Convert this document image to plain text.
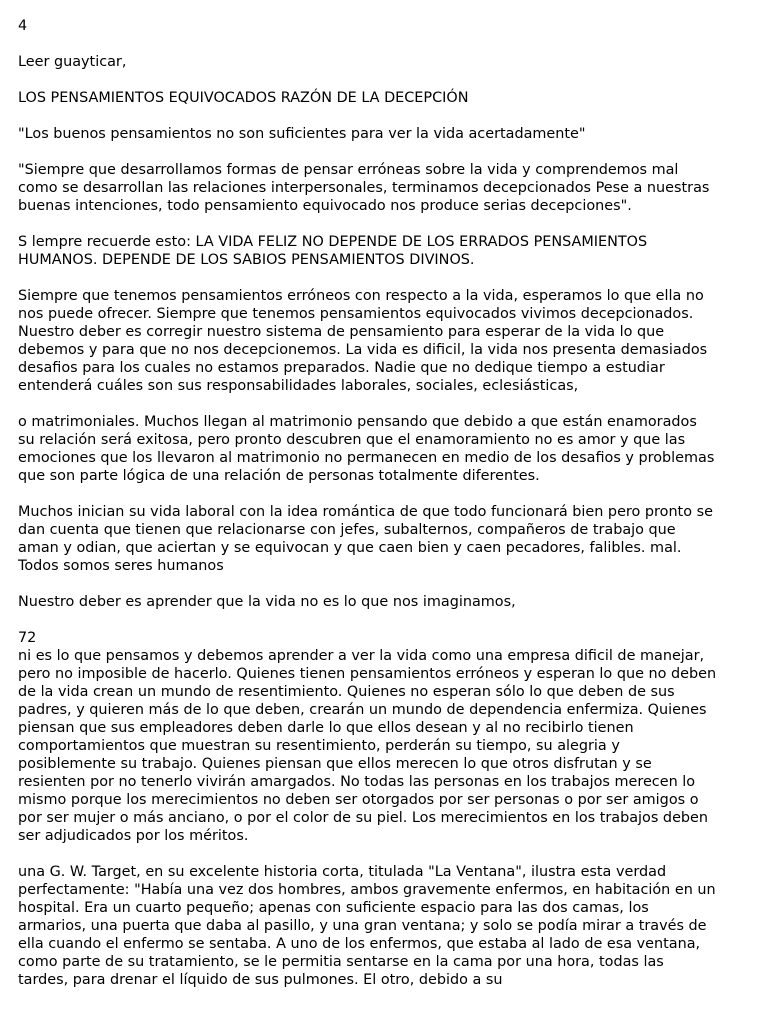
4

Leer guayticar,

LOS PENSAMIENTOS EQUIVOCADOS RAZÓN DE LA DECEPCIÓN

"Los buenos pensamientos no son suficientes para ver la vida acertadamente"

"Siempre que desarrollamos formas de pensar erróneas sobre la vida y comprendemos mal
como se desarrollan las relaciones interpersonales, terminamos decepcionados Pese a nuestras
buenas intenciones, todo pensamiento equivocado nos produce serias decepciones".

S lempre recuerde esto: LA VIDA FELIZ NO DEPENDE DE LOS ERRADOS PENSAMIENTOS
HUMANOS. DEPENDE DE LOS SABIOS PENSAMIENTOS DIVINOS.

Siempre que tenemos pensamientos erróneos con respecto a la vida, esperamos lo que ella no
nos puede ofrecer. Siempre que tenemos pensamientos equivocados vivimos decepcionados.
Nuestro deber es corregir nuestro sistema de pensamiento para esperar de la vida lo que
debemos y para que no nos decepcionemos. La vida es dificil, la vida nos presenta demasiados
desafios para los cuales no estamos preparados. Nadie que no dedique tiempo a estudiar
entenderá cuáles son sus responsabilidades laborales, sociales, eclesiásticas,

o matrimoniales. Muchos llegan al matrimonio pensando que debido a que están enamorados
su relación será exitosa, pero pronto descubren que el enamoramiento no es amor y que las
emociones que los llevaron al matrimonio no permanecen en medio de los desafios y problemas
que son parte lógica de una relación de personas totalmente diferentes.

Muchos inician su vida laboral con la idea romántica de que todo funcionará bien pero pronto se
dan cuenta que tienen que relacionarse con jefes, subalternos, compañeros de trabajo que
aman y odian, que aciertan y se equivocan y que caen bien y caen pecadores, falibles. mal.
Todos somos seres humanos

Nuestro deber es aprender que la vida no es lo que nos imaginamos,

72

ni es lo que pensamos y debemos aprender a ver la vida como una empresa dificil de manejar,
pero no imposible de hacerlo. Quienes tienen pensamientos erróneos y esperan lo que no deben
de la vida crean un mundo de resentimiento. Quienes no esperan sólo lo que deben de sus
padres, y quieren más de lo que deben, crearán un mundo de dependencia enfermiza. Quienes
piensan que sus empleadores deben darle lo que ellos desean y al no recibirlo tienen
comportamientos que muestran su resentimiento, perderán su tiempo, su alegria y
posiblemente su trabajo. Quienes piensan que ellos merecen lo que otros disfrutan y se
resienten por no tenerlo vivirán amargados. No todas las personas en los trabajos merecen lo
mismo porque los merecimientos no deben ser otorgados por ser personas o por ser amigos o
por ser mujer o más anciano, o por el color de su piel. Los merecimientos en los trabajos deben
ser adjudicados por los méritos.

una G. W. Target, en su excelente historia corta, titulada "La Ventana", ilustra esta verdad
perfectamente: "Había una vez dos hombres, ambos gravemente enfermos, en habitación en un
hospital. Era un cuarto pequeño; apenas con suficiente espacio para las dos camas, los
armarios, una puerta que daba al pasillo, y una gran ventana; y solo se podía mirar a través de
ella cuando el enfermo se sentaba. A uno de los enfermos, que estaba al lado de esa ventana,
como parte de su tratamiento, se le permitia sentarse en la cama por una hora, todas las
tardes, para drenar el líquido de sus pulmones. El otro, debido a su
